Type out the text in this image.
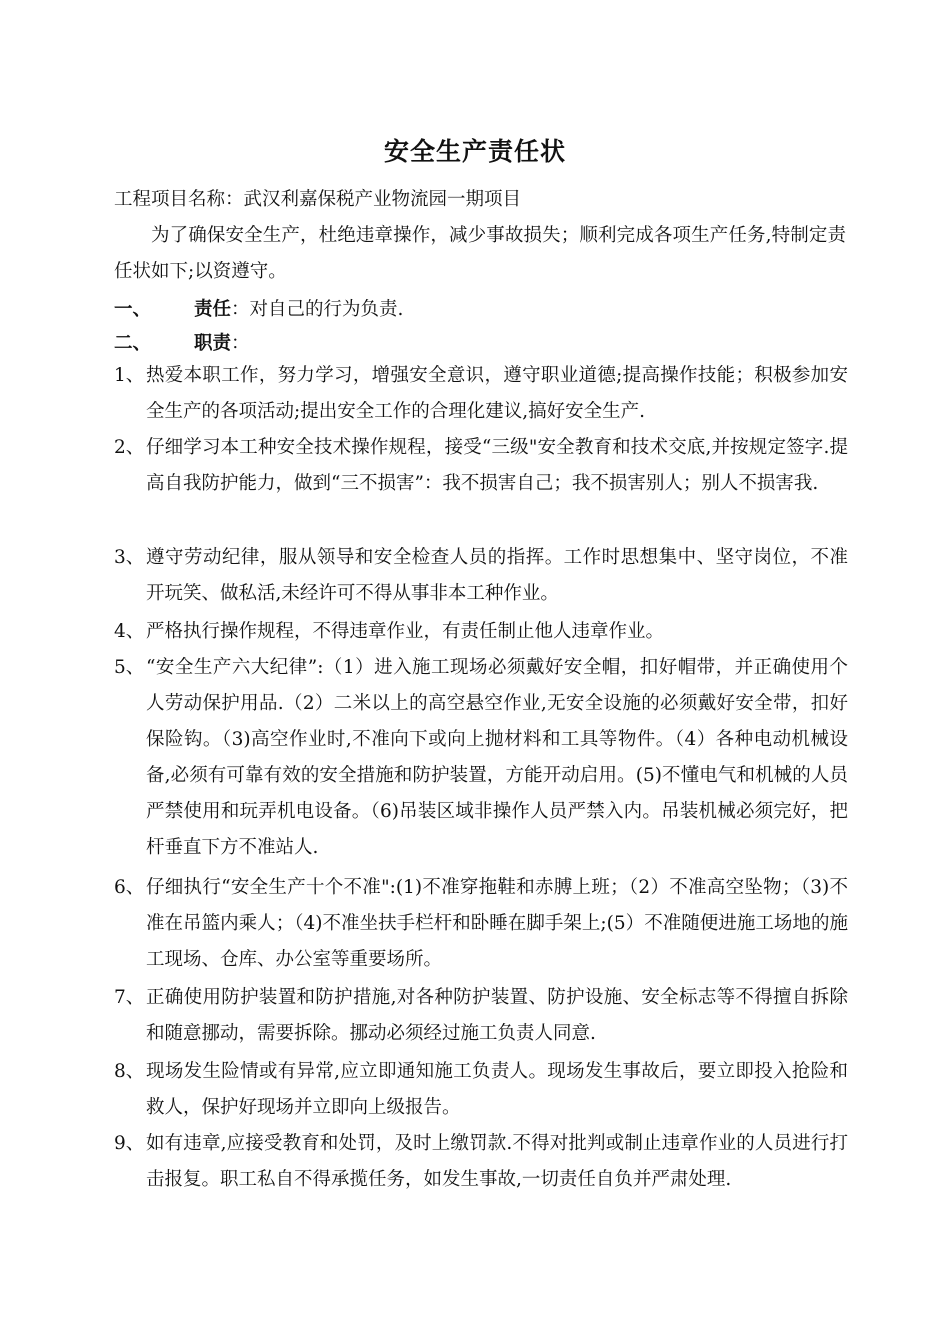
安全生产责任状
工程项目名称：武汉利嘉保税产业物流园一期项目
为了确保安全生产，杜绝违章操作，减少事故损失；顺利完成各项生产任务,特制定责任状如下;以资遵守。
一、 责任：对自己的行为负责.
二、 职责：
1、 热爱本职工作，努力学习，增强安全意识，遵守职业道德;提高操作技能；积极参加安全生产的各项活动;提出安全工作的合理化建议,搞好安全生产.
2、 仔细学习本工种安全技术操作规程，接受“三级"安全教育和技术交底,并按规定签字.提高自我防护能力，做到“三不损害”：我不损害自己；我不损害别人；别人不损害我.
3、 遵守劳动纪律，服从领导和安全检查人员的指挥。工作时思想集中、坚守岗位，不准开玩笑、做私活,未经许可不得从事非本工种作业。
4、 严格执行操作规程，不得违章作业，有责任制止他人违章作业。
5、 “安全生产六大纪律”:（1）进入施工现场必须戴好安全帽，扣好帽带，并正确使用个人劳动保护用品.（2）二米以上的高空悬空作业,无安全设施的必须戴好安全带，扣好保险钩。（3)高空作业时,不准向下或向上抛材料和工具等物件。（4）各种电动机械设备,必须有可靠有效的安全措施和防护装置，方能开动启用。(5)不懂电气和机械的人员严禁使用和玩弄机电设备。（6)吊装区域非操作人员严禁入内。吊装机械必须完好，把杆垂直下方不准站人.
6、 仔细执行“安全生产十个不准":(1)不准穿拖鞋和赤膊上班；（2）不准高空坠物；（3)不准在吊篮内乘人；（4)不准坐扶手栏杆和卧睡在脚手架上;(5）不准随便进施工场地的施工现场、仓库、办公室等重要场所。
7、 正确使用防护装置和防护措施,对各种防护装置、防护设施、安全标志等不得擅自拆除和随意挪动，需要拆除。挪动必须经过施工负责人同意.
8、 现场发生险情或有异常,应立即通知施工负责人。现场发生事故后，要立即投入抢险和救人，保护好现场并立即向上级报告。
9、 如有违章,应接受教育和处罚，及时上缴罚款.不得对批判或制止违章作业的人员进行打击报复。职工私自不得承揽任务，如发生事故,一切责任自负并严肃处理.
